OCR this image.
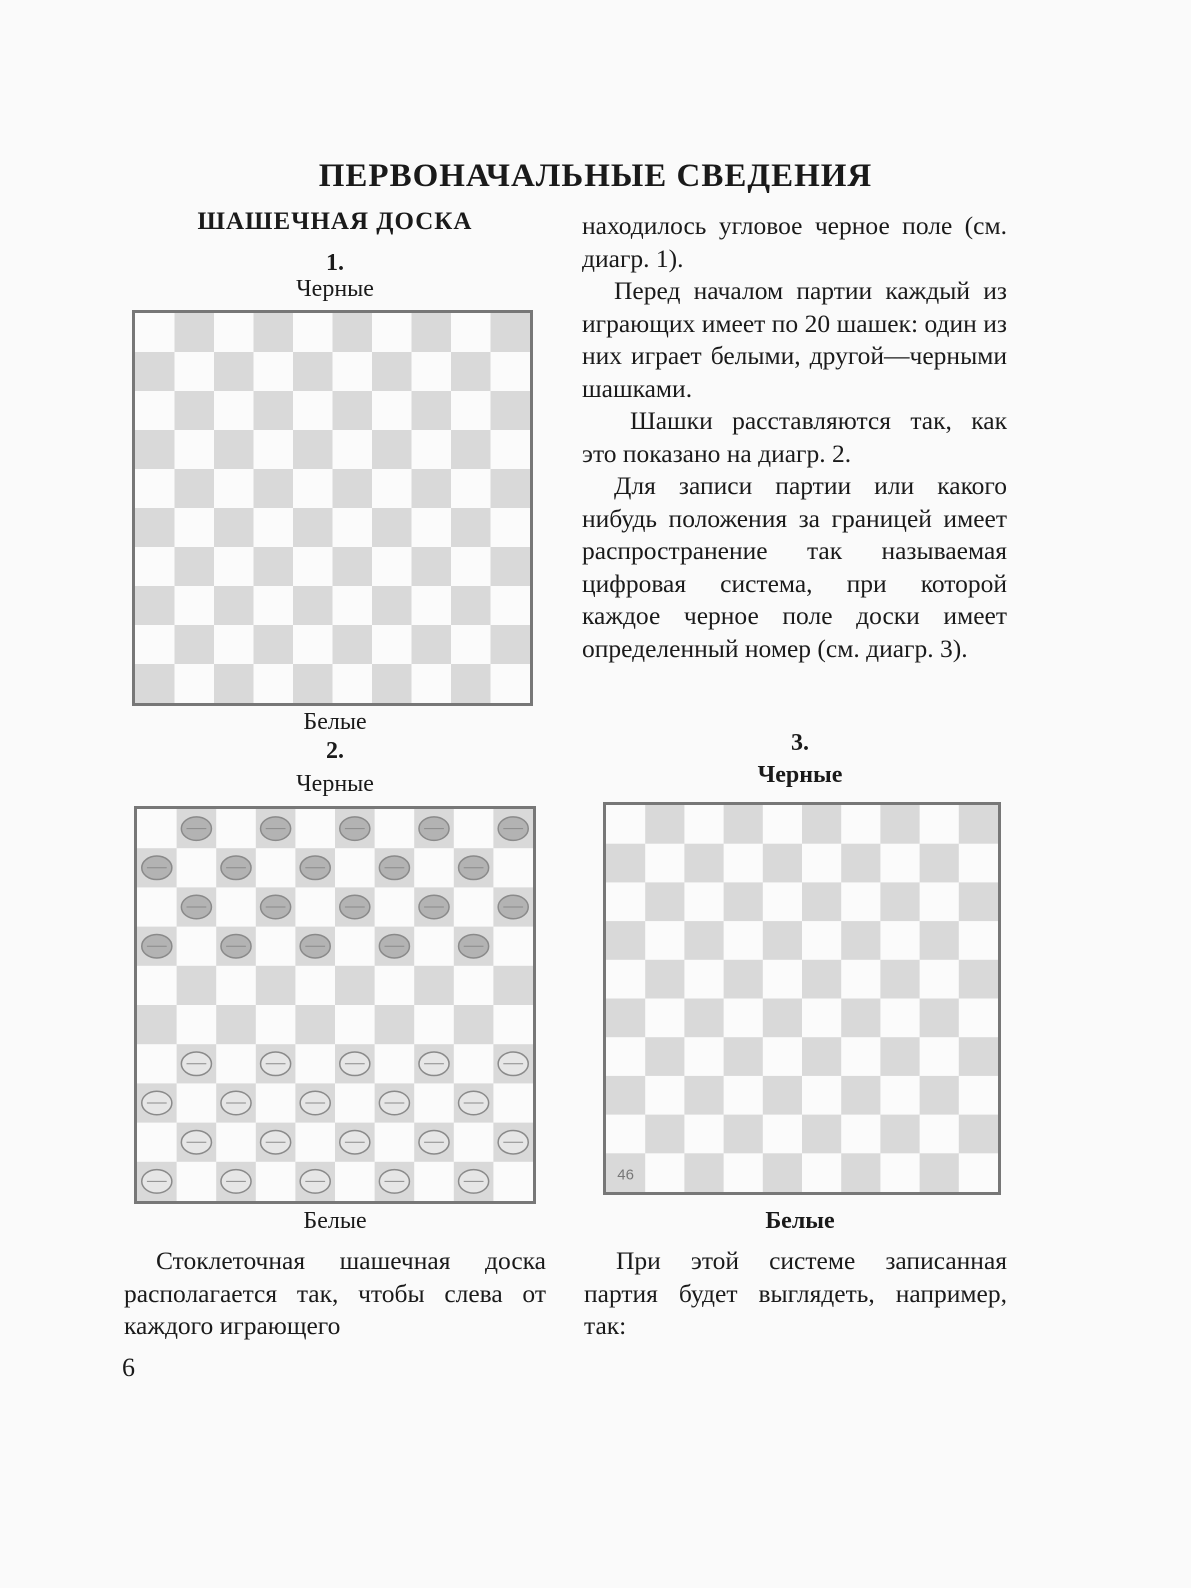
ПЕРВОНАЧАЛЬНЫЕ СВЕДЕНИЯ
ШАШЕЧНАЯ ДОСКА
1.
Черные
Белые
2.
Черные
Белые
3.
Черные
46
Белые

находилось угловое черное поле (см. диагр. 1).

Перед началом партии каждый из играющих имеет по 20 шашек: один из них играет белыми, другой—черными шашками.

Шашки расставляются так, как это показано на диагр. 2.

Для записи партии или какого нибудь положения за границей имеет распространение так называемая цифровая система, при которой каждое черное поле доски имеет определенный номер (см. диагр. 3).

Стоклеточная шашечная доска располагается так, чтобы слева от каждого играющего

При этой системе записанная партия будет выглядеть, например, так:

6
